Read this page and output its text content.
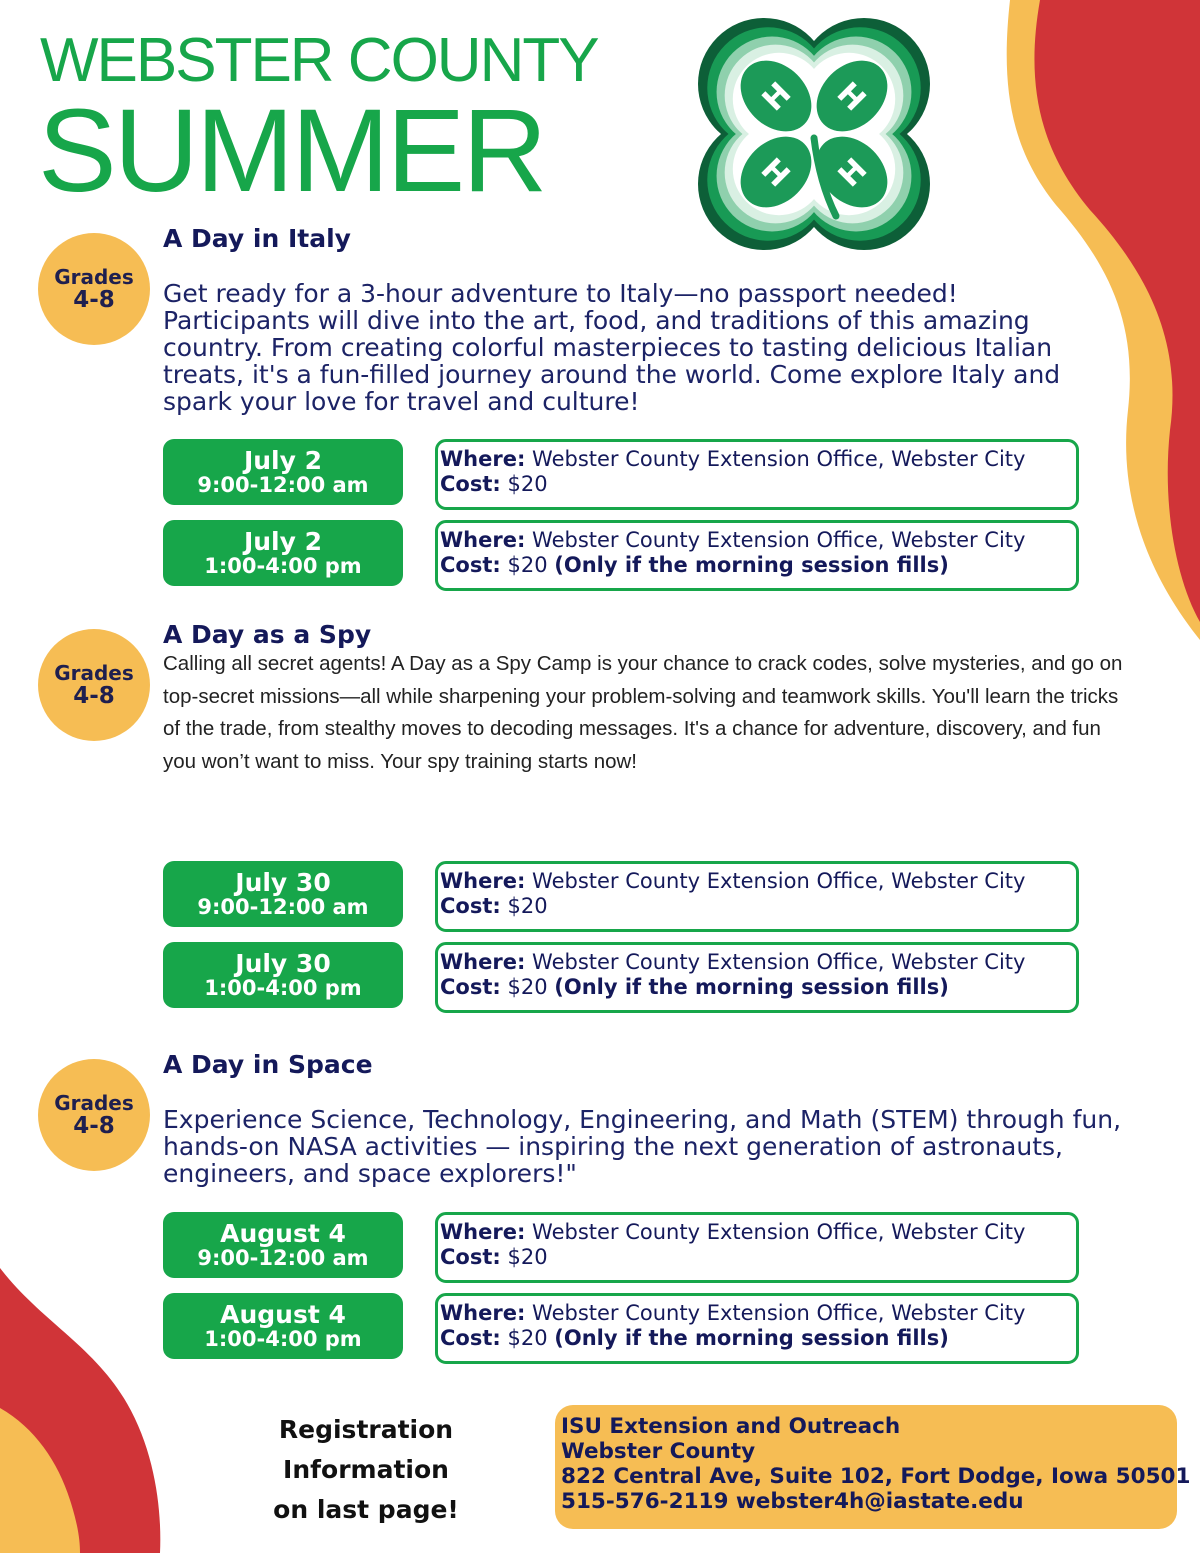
WEBSTER COUNTY
SUMMER	H H
H H
Grades
4-8
A Day in Italy
Get ready for a 3-hour adventure to Italy—no passport needed! Participants will dive into the art, food, and traditions of this amazing country. From creating colorful masterpieces to tasting delicious Italian treats, it's a fun-filled journey around the world. Come explore Italy and spark your love for travel and culture!
July 2
9:00-12:00 am
Where: Webster County Extension Office, Webster City
Cost: $20
July 2
1:00-4:00 pm
Where: Webster County Extension Office, Webster City
Cost: $20 (Only if the morning session fills)
Grades
4-8
A Day as a Spy
Calling all secret agents! A Day as a Spy Camp is your chance to crack codes, solve mysteries, and go on top-secret missions—all while sharpening your problem-solving and teamwork skills. You'll learn the tricks of the trade, from stealthy moves to decoding messages. It's a chance for adventure, discovery, and fun you won’t want to miss. Your spy training starts now!
July 30
9:00-12:00 am
Where: Webster County Extension Office, Webster City
Cost: $20
July 30
1:00-4:00 pm
Where: Webster County Extension Office, Webster City
Cost: $20 (Only if the morning session fills)
Grades
4-8
A Day in Space
Experience Science, Technology, Engineering, and Math (STEM) through fun, hands-on NASA activities — inspiring the next generation of astronauts, engineers, and space explorers!"
August 4
9:00-12:00 am
Where: Webster County Extension Office, Webster City
Cost: $20
August 4
1:00-4:00 pm
Where: Webster County Extension Office, Webster City
Cost: $20 (Only if the morning session fills)
Registration Information
on last page!
ISU Extension and Outreach
Webster County
822 Central Ave, Suite 102, Fort Dodge, Iowa 50501
515-576-2119 webster4h@iastate.edu
